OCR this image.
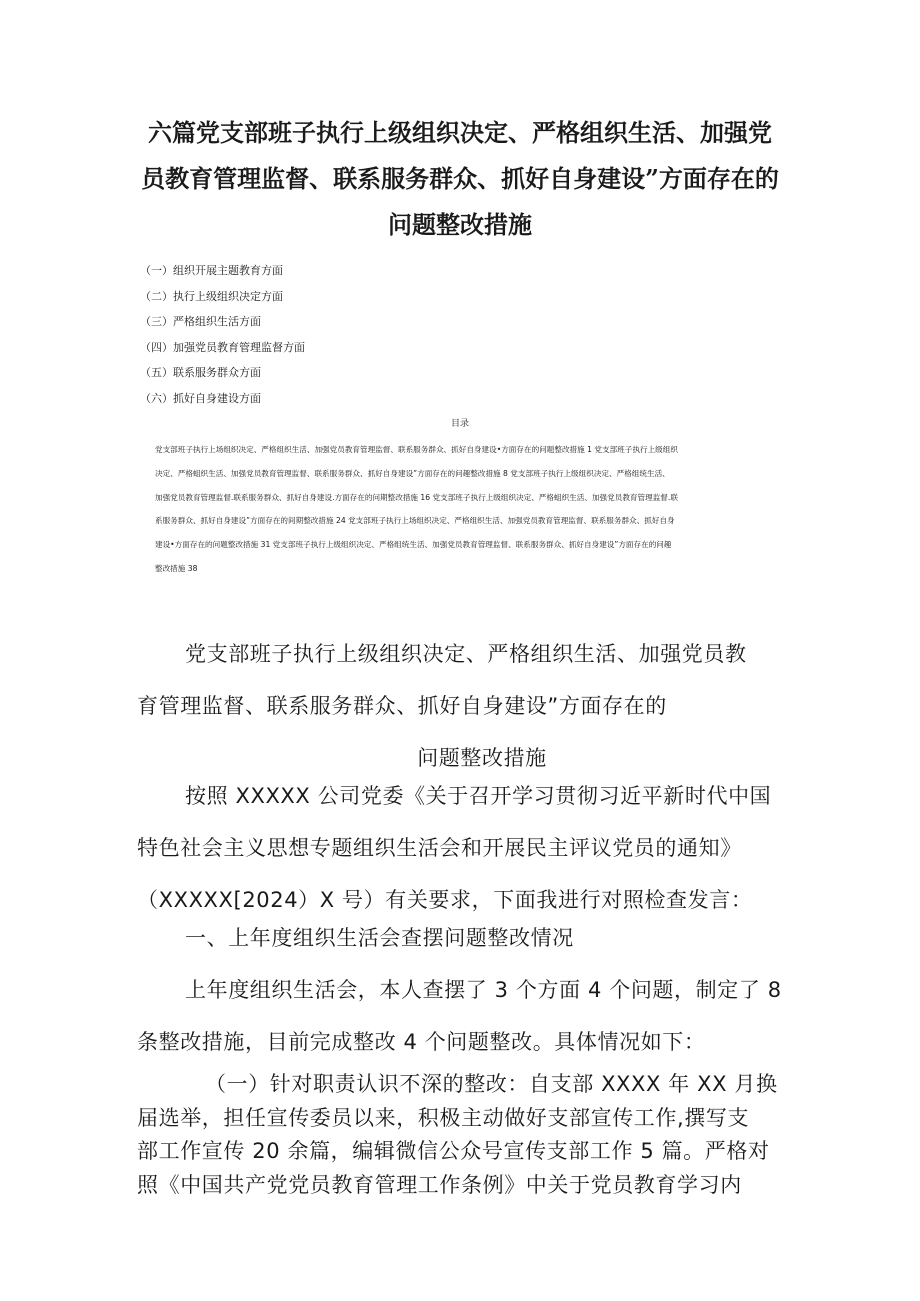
六篇党支部班子执行上级组织决定、严格组织生活、加强党
员教育管理监督、联系服务群众、抓好自身建设”方面存在的
问题整改措施
（一）组织开展主题教育方面
（二）执行上级组织决定方面
（三）严格组织生活方面
（四）加强党员教育管理监督方面
（五）联系服务群众方面
（六）抓好自身建设方面
目录
党支部班子执行上场组织决定、严格组织生活、加强党员教育管理监督、联系服务群众、抓好自身建设•方面存在的问题整改措施 1 党支部班子执行上级组织
决定、严格蛆织生活、加强党员教育管理监督、联系服务群众、抓好自身建设”方面存在的问趣整改措施 8 党支部班子执行上级组织决定、严格组统生活、
加强党员教育管理监督.联系服务群众、抓好自身建设.方面存在的问期整改措施 16 党支部班子执行上级组织决定、严格蛆织生活、加强党员教育管理监督.联
系服务群众、抓好自身建设”方面存在的间期整改措施 24 党支部班子执行上场组织决定、严格组织生活、加强党员教育管理监督、联系服务群众、抓好自身
建设•方面存在的问题整改措施 31 党支部班子执行上级组织决定、严格组统生活、加强党员教育管理监督、联系服务群众、抓好自身建设”方面存在的问趣
整改措施 38
党支部班子执行上级组织决定、严格组织生活、加强党员教
育管理监督、联系服务群众、抓好自身建设”方面存在的
问题整改措施
按照 XXXXX 公司党委《关于召开学习贯彻习近平新时代中国
特色社会主义思想专题组织生活会和开展民主评议党员的通知》
（XXXXX[2024）X 号）有关要求，下面我进行对照检查发言：
一、上年度组织生活会查摆问题整改情况
上年度组织生活会，本人查摆了 3 个方面 4 个问题，制定了 8
条整改措施，目前完成整改 4 个问题整改。具体情况如下：
（一）针对职责认识不深的整改：自支部 XXXX 年 XX 月换
届选举，担任宣传委员以来，积极主动做好支部宣传工作,撰写支
部工作宣传 20 余篇，编辑微信公众号宣传支部工作 5 篇。严格对
照《中国共产党党员教育管理工作条例》中关于党员教育学习内
